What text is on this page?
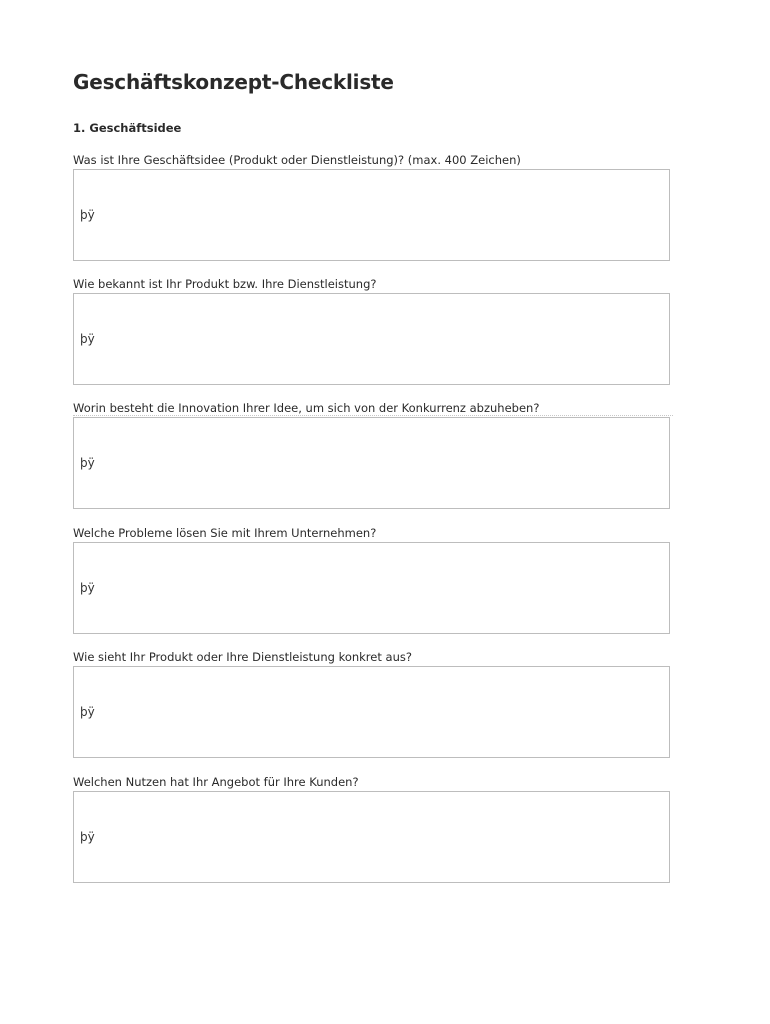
Geschäftskonzept-Checkliste
1. Geschäftsidee
Was ist Ihre Geschäftsidee (Produkt oder Dienstleistung)? (max. 400 Zeichen)
þÿ
Wie bekannt ist Ihr Produkt bzw. Ihre Dienstleistung?
þÿ
Worin besteht die Innovation Ihrer Idee, um sich von der Konkurrenz abzuheben?
þÿ
Welche Probleme lösen Sie mit Ihrem Unternehmen?
þÿ
Wie sieht Ihr Produkt oder Ihre Dienstleistung konkret aus?
þÿ
Welchen Nutzen hat Ihr Angebot für Ihre Kunden?
þÿ
